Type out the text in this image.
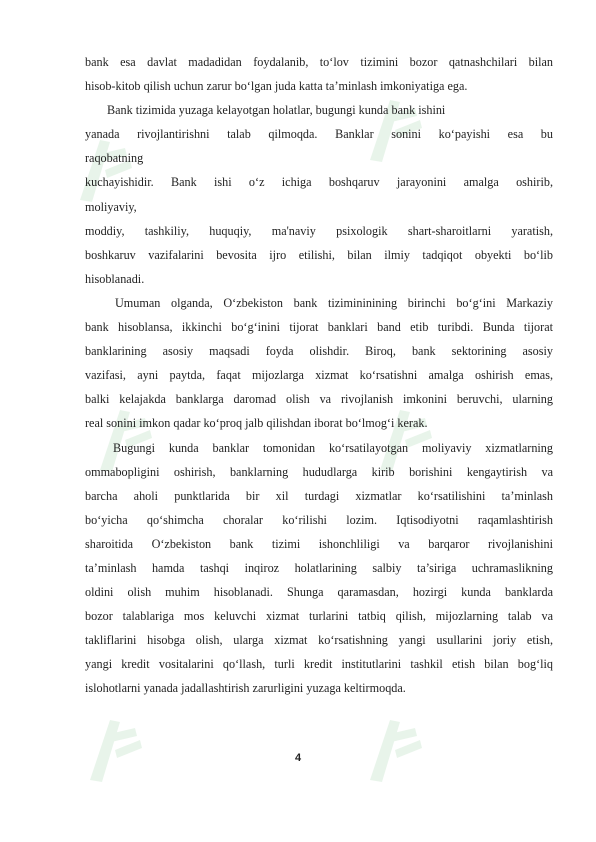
bank esa davlat madadidan foydalanib, to‘lov tizimini bozor qatnashchilari bilan
hisob-kitob qilish uchun zarur bo‘lgan juda katta ta’minlash imkoniyatiga ega.
Bank tizimida yuzaga kelayotgan holatlar, bugungi kunda bank ishini
yanada rivojlantirishni talab qilmoqda. Banklar sonini ko‘payishi esa bu
raqobatning
kuchayishidir. Bank ishi o‘z ichiga boshqaruv jarayonini amalga oshirib,
moliyaviy,
moddiy, tashkiliy, huquqiy, ma'naviy psixologik shart-sharoitlarni yaratish,
boshkaruv vazifalarini bevosita ijro etilishi, bilan ilmiy tadqiqot obyekti bo‘lib
hisoblanadi.
Umuman olganda, O‘zbekiston bank tizimininining birinchi bo‘g‘ini Markaziy
bank hisoblansa, ikkinchi bo‘g‘inini tijorat banklari band etib turibdi. Bunda tijorat
banklarining asosiy maqsadi foyda olishdir. Biroq, bank sektorining asosiy
vazifasi, ayni paytda, faqat mijozlarga xizmat ko‘rsatishni amalga oshirish emas,
balki kelajakda banklarga daromad olish va rivojlanish imkonini beruvchi, ularning
real sonini imkon qadar ko‘proq jalb qilishdan iborat bo‘lmog‘i kerak.
Bugungi kunda banklar tomonidan ko‘rsatilayotgan moliyaviy xizmatlarning
ommabopligini oshirish, banklarning hududlarga kirib borishini kengaytirish va
barcha aholi punktlarida bir xil turdagi xizmatlar ko‘rsatilishini ta’minlash
bo‘yicha qo‘shimcha choralar ko‘rilishi lozim. Iqtisodiyotni raqamlashtirish
sharoitida O‘zbekiston bank tizimi ishonchliligi va barqaror rivojlanishini
ta’minlash hamda tashqi inqiroz holatlarining salbiy ta’siriga uchramaslikning
oldini olish muhim hisoblanadi. Shunga qaramasdan, hozirgi kunda banklarda
bozor talablariga mos keluvchi xizmat turlarini tatbiq qilish, mijozlarning talab va
takliflarini hisobga olish, ularga xizmat ko‘rsatishning yangi usullarini joriy etish,
yangi kredit vositalarini qo‘llash, turli kredit institutlarini tashkil etish bilan bog‘liq
islohotlarni yanada jadallashtirish zarurligini yuzaga keltirmoqda.
4
